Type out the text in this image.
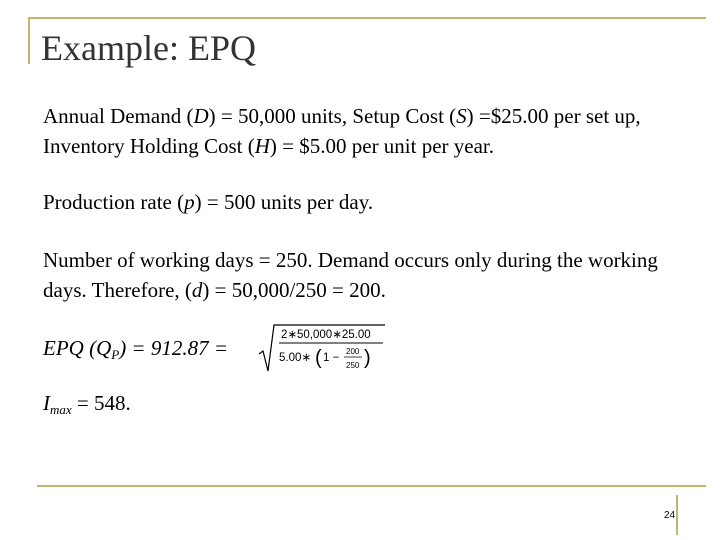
Example: EPQ
Annual Demand (D) = 50,000 units, Setup Cost (S) =$25.00 per set up, Inventory Holding Cost (H) = $5.00 per unit per year.
Production rate (p) = 500 units per day.
Number of working days = 250. Demand occurs only during the working days. Therefore, (d) = 50,000/250 = 200.
EPQ $(Q_P) = 912.87$ =
2∗50,000∗25.00
5.00∗ ( 1 −
200
250 )
$I_{max} = 548$.
24
